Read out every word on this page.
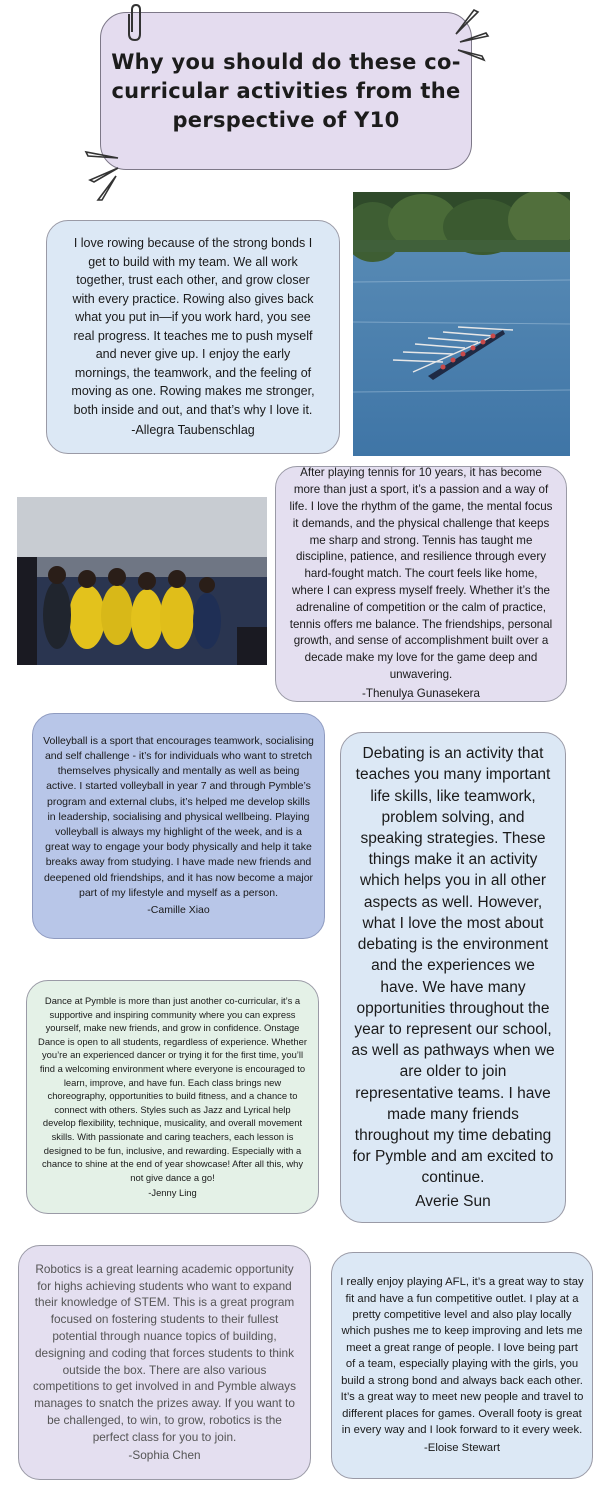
Why you should do these co-curricular activities from the perspective of Y10

I love rowing because of the strong bonds I get to build with my team. We all work together, trust each other, and grow closer with every practice. Rowing also gives back what you put in—if you work hard, you see real progress. It teaches me to push myself and never give up. I enjoy the early mornings, the teamwork, and the feeling of moving as one. Rowing makes me stronger, both inside and out, and that’s why I love it.

-Allegra Taubenschlag

After playing tennis for 10 years, it has become more than just a sport, it’s a passion and a way of life. I love the rhythm of the game, the mental focus it demands, and the physical challenge that keeps me sharp and strong. Tennis has taught me discipline, patience, and resilience through every hard-fought match. The court feels like home, where I can express myself freely. Whether it’s the adrenaline of competition or the calm of practice, tennis offers me balance. The friendships, personal growth, and sense of accomplishment built over a decade make my love for the game deep and unwavering.

-Thenulya Gunasekera

Volleyball is a sport that encourages teamwork, socialising and self challenge - it’s for individuals who want to stretch themselves physically and mentally as well as being active. I started volleyball in year 7 and through Pymble’s program and external clubs, it’s helped me develop skills in leadership, socialising and physical wellbeing. Playing volleyball is always my highlight of the week, and is a great way to engage your body physically and help it take breaks away from studying. I have made new friends and deepened old friendships, and it has now become a major part of my lifestyle and myself as a person.

-Camille Xiao

Debating is an activity that teaches you many important life skills, like teamwork, problem solving, and speaking strategies. These things make it an activity which helps you in all other aspects as well. However, what I love the most about debating is the environment and the experiences we have. We have many opportunities throughout the year to represent our school, as well as pathways when we are older to join representative teams. I have made many friends throughout my time debating for Pymble and am excited to continue.

Averie Sun

Dance at Pymble is more than just another co-curricular, it’s a supportive and inspiring community where you can express yourself, make new friends, and grow in confidence. Onstage Dance is open to all students, regardless of experience. Whether you’re an experienced dancer or trying it for the first time, you’ll find a welcoming environment where everyone is encouraged to learn, improve, and have fun. Each class brings new choreography, opportunities to build fitness, and a chance to connect with others. Styles such as Jazz and Lyrical help develop flexibility, technique, musicality, and overall movement skills. With passionate and caring teachers, each lesson is designed to be fun, inclusive, and rewarding. Especially with a chance to shine at the end of year showcase! After all this, why not give dance a go!

-Jenny Ling

Robotics is a great learning academic opportunity for highs achieving students who want to expand their knowledge of STEM. This is a great program focused on fostering students to their fullest potential through nuance topics of building, designing and coding that forces students to think outside the box. There are also various competitions to get involved in and Pymble always manages to snatch the prizes away. If you want to be challenged, to win, to grow, robotics is the perfect class for you to join.

-Sophia Chen

I really enjoy playing AFL, it’s a great way to stay fit and have a fun competitive outlet. I play at a pretty competitive level and also play locally which pushes me to keep improving and lets me meet a great range of people. I love being part of a team, especially playing with the girls, you build a strong bond and always back each other. It’s a great way to meet new people and travel to different places for games. Overall footy is great in every way and I look forward to it every week.

-Eloise Stewart
